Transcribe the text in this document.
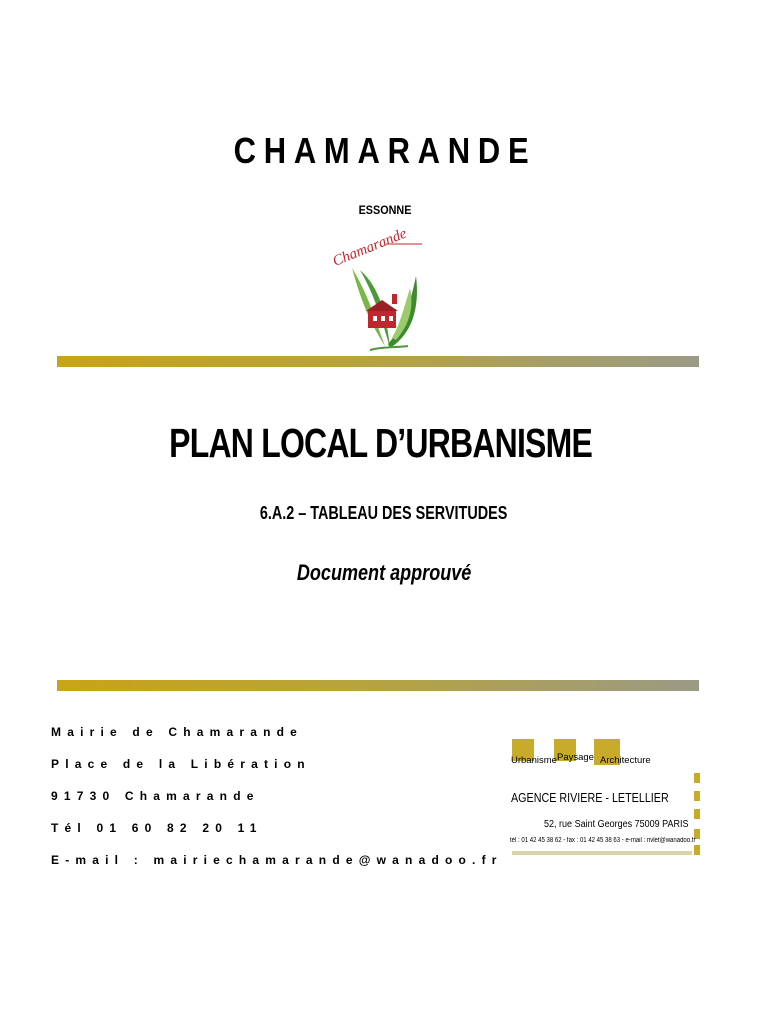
CHAMARANDE
ESSONNE
Chamarande
PLAN LOCAL D’URBANISME
6.A.2 – TABLEAU DES SERVITUDES
Document approuvé
Mairie de Chamarande
Place de la Libération
91730 Chamarande
Tél 01 60 82 20 11
E-mail : mairiechamarande@wanadoo.fr
Urbanisme Paysage Architecture
AGENCE RIVIERE - LETELLIER
52, rue Saint Georges 75009 PARIS
tél : 01 42 45 38 62 - fax : 01 42 45 38 63 - e-mail : rivlet@wanadoo.fr
